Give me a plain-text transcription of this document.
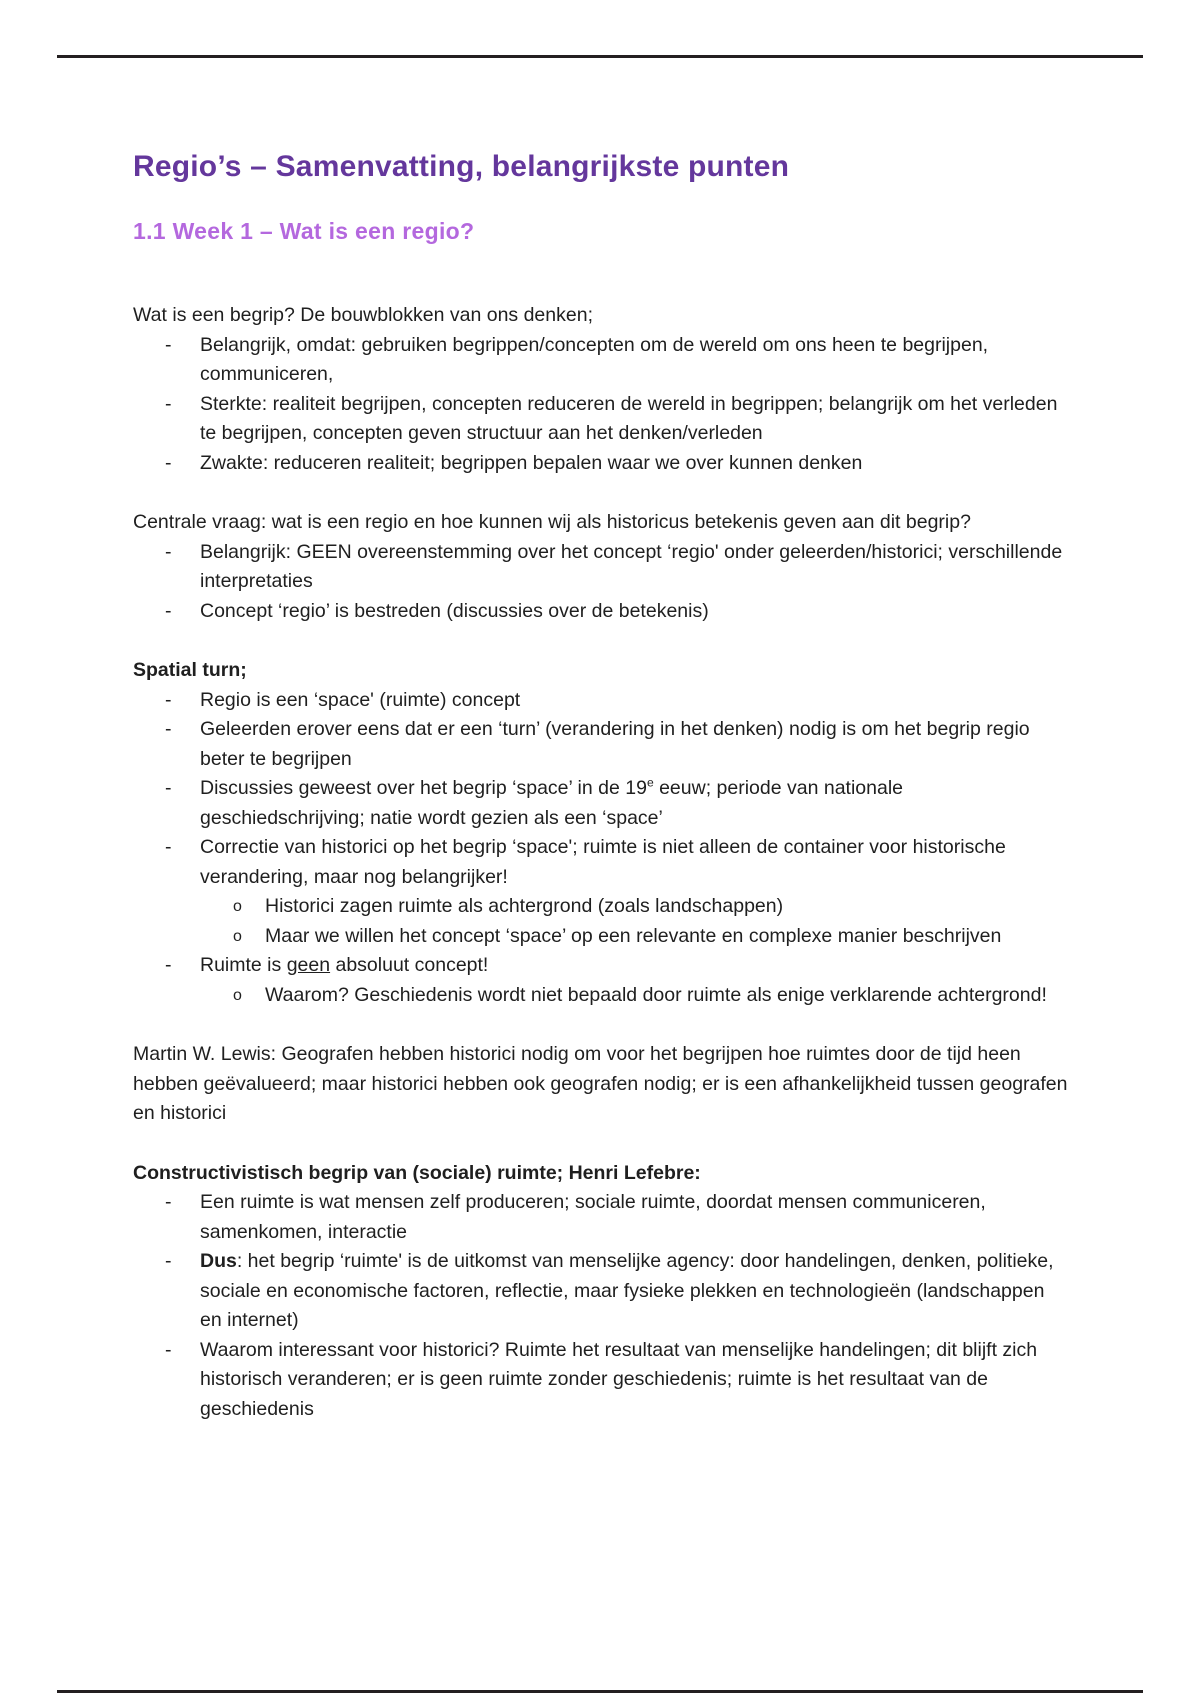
Regio’s – Samenvatting, belangrijkste punten
1.1 Week 1 – Wat is een regio?

Wat is een begrip? De bouwblokken van ons denken;

-	Belangrijk, omdat: gebruiken begrippen/concepten om de wereld om ons heen te begrijpen, communiceren,
-	Sterkte: realiteit begrijpen, concepten reduceren de wereld in begrippen; belangrijk om het verleden te begrijpen, concepten geven structuur aan het denken/verleden
-	Zwakte: reduceren realiteit; begrippen bepalen waar we over kunnen denken

Centrale vraag: wat is een regio en hoe kunnen wij als historicus betekenis geven aan dit begrip?

-	Belangrijk: GEEN overeenstemming over het concept ‘regio' onder geleerden/historici; verschillende interpretaties
-	Concept ‘regio’ is bestreden (discussies over de betekenis)

Spatial turn;

-	Regio is een ‘space' (ruimte) concept
-	Geleerden erover eens dat er een ‘turn’ (verandering in het denken) nodig is om het begrip regio beter te begrijpen
-	Discussies geweest over het begrip ‘space’ in de 19e eeuw; periode van nationale geschiedschrijving; natie wordt gezien als een ‘space’
-	Correctie van historici op het begrip ‘space'; ruimte is niet alleen de container voor historische verandering, maar nog belangrijker!
o	Historici zagen ruimte als achtergrond (zoals landschappen)
o	Maar we willen het concept ‘space’ op een relevante en complexe manier beschrijven
-	Ruimte is geen absoluut concept!
o	Waarom? Geschiedenis wordt niet bepaald door ruimte als enige verklarende achtergrond!

Martin W. Lewis: Geografen hebben historici nodig om voor het begrijpen hoe ruimtes door de tijd heen hebben geëvalueerd; maar historici hebben ook geografen nodig; er is een afhankelijkheid tussen geografen en historici

Constructivistisch begrip van (sociale) ruimte; Henri Lefebre:

-	Een ruimte is wat mensen zelf produceren; sociale ruimte, doordat mensen communiceren, samenkomen, interactie
-	Dus: het begrip ‘ruimte' is de uitkomst van menselijke agency: door handelingen, denken, politieke, sociale en economische factoren, reflectie, maar fysieke plekken en technologieën (landschappen en internet)
-	Waarom interessant voor historici? Ruimte het resultaat van menselijke handelingen; dit blijft zich historisch veranderen; er is geen ruimte zonder geschiedenis; ruimte is het resultaat van de geschiedenis
